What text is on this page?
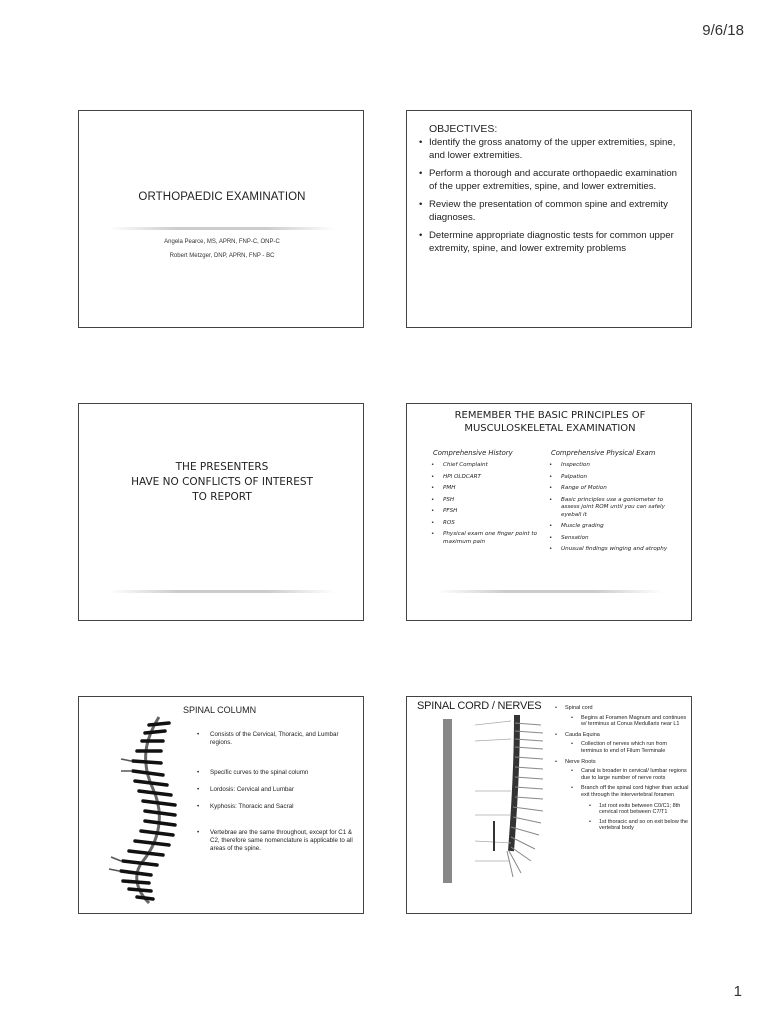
9/6/18
ORTHOPAEDIC EXAMINATION
Angela Pearce, MS, APRN, FNP-C, ONP-C
Robert Metzger, DNP, APRN, FNP - BC
OBJECTIVES:
• Identify the gross anatomy of the upper extremities, spine, and lower extremities.
• Perform a thorough and accurate orthopaedic examination of the upper extremities, spine, and lower extremities.
• Review the presentation of common spine and extremity diagnoses.
• Determine appropriate diagnostic tests for common upper extremity, spine, and lower extremity problems
THE PRESENTERS
HAVE NO CONFLICTS OF INTEREST
TO REPORT
REMEMBER THE BASIC PRINCIPLES OF
MUSCULOSKELETAL EXAMINATION
Comprehensive History	Comprehensive Physical Exam
• Chief Complaint
• HPI OLDCART
• PMH
• PSH
• PFSH
• ROS
• Physical exam one finger point to maximum pain
• Inspection
• Palpation
• Range of Motion
• Basic principles use a goniometer to assess joint ROM until you can safely eyeball it
• Muscle grading
• Sensation
• Unusual findings winging and atrophy
SPINAL COLUMN
• Consists of the Cervical, Thoracic, and Lumbar regions.
• Specific curves to the spinal column
• Lordosis: Cervical and Lumbar
• Kyphosis: Thoracic and Sacral
• Vertebrae are the same throughout, except for C1 & C2, therefore same nomenclature is applicable to all areas of the spine.
SPINAL CORD / NERVES
•	Spinal cord
• Begins at Foramen Magnum and continues w/ terminus at Conus Medullaris near L1
• Cauda Equina
• Collection of nerves which run from terminus to end of Filum Terminale
• Nerve Roots
• Canal is broader in cervical/ lumbar regions due to large number of nerve roots
• Branch off the spinal cord higher than actual exit through the intervertebral foramen
• 1st root exits between C0/C1; 8th cervical root between C7/T1
• 1st thoracic and so on exit below the vertebral body
1
